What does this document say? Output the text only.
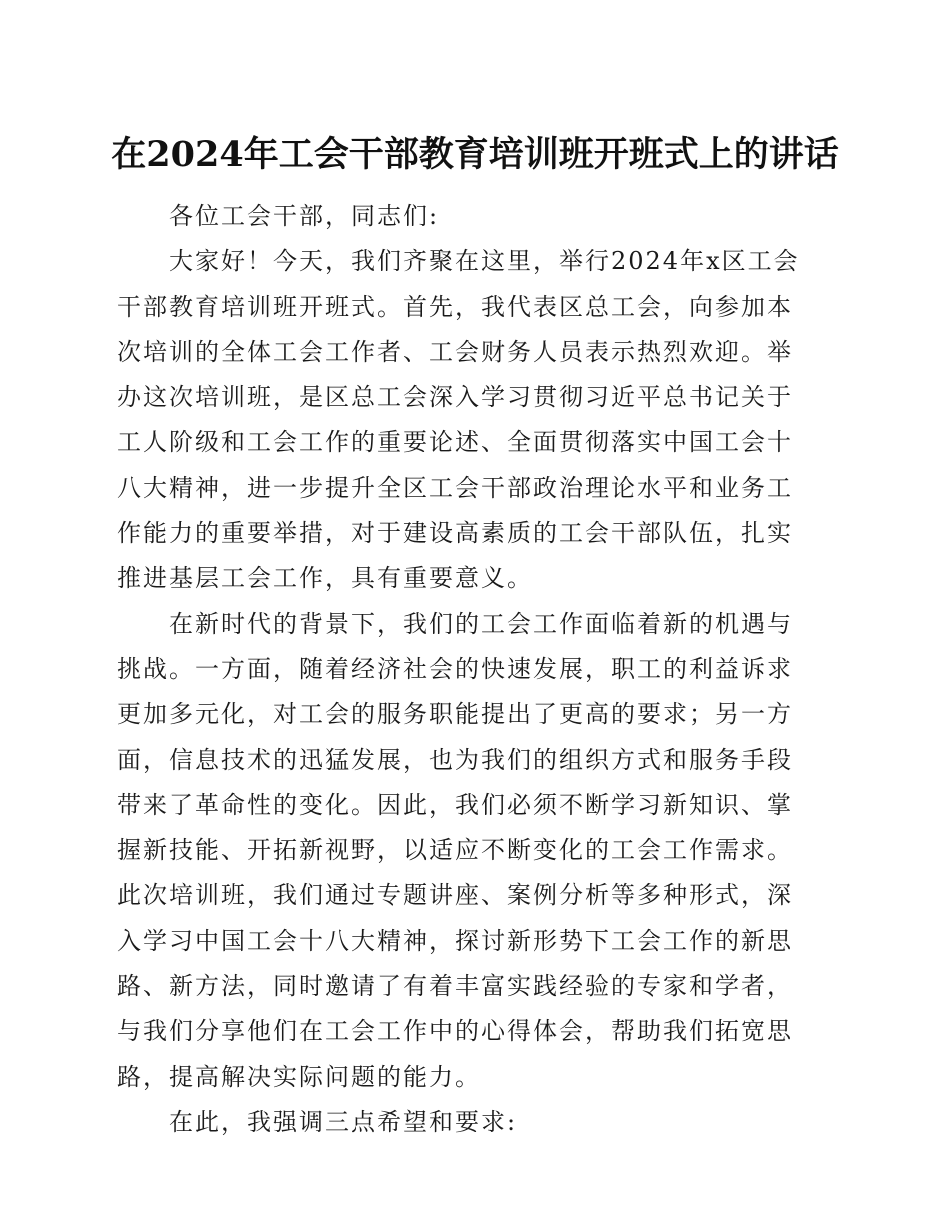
在2024年工会干部教育培训班开班式上的讲话

各位工会干部，同志们:

大家好！今天，我们齐聚在这里，举行2024年x区工会干部教育培训班开班式。首先，我代表区总工会，向参加本次培训的全体工会工作者、工会财务人员表示热烈欢迎。举办这次培训班，是区总工会深入学习贯彻习近平总书记关于工人阶级和工会工作的重要论述、全面贯彻落实中国工会十八大精神，进一步提升全区工会干部政治理论水平和业务工作能力的重要举措，对于建设高素质的工会干部队伍，扎实推进基层工会工作，具有重要意义。

在新时代的背景下，我们的工会工作面临着新的机遇与挑战。一方面，随着经济社会的快速发展，职工的利益诉求更加多元化，对工会的服务职能提出了更高的要求；另一方面，信息技术的迅猛发展，也为我们的组织方式和服务手段带来了革命性的变化。因此，我们必须不断学习新知识、掌握新技能、开拓新视野，以适应不断变化的工会工作需求。此次培训班，我们通过专题讲座、案例分析等多种形式，深入学习中国工会十八大精神，探讨新形势下工会工作的新思路、新方法，同时邀请了有着丰富实践经验的专家和学者，与我们分享他们在工会工作中的心得体会，帮助我们拓宽思路，提高解决实际问题的能力。

在此，我强调三点希望和要求:
